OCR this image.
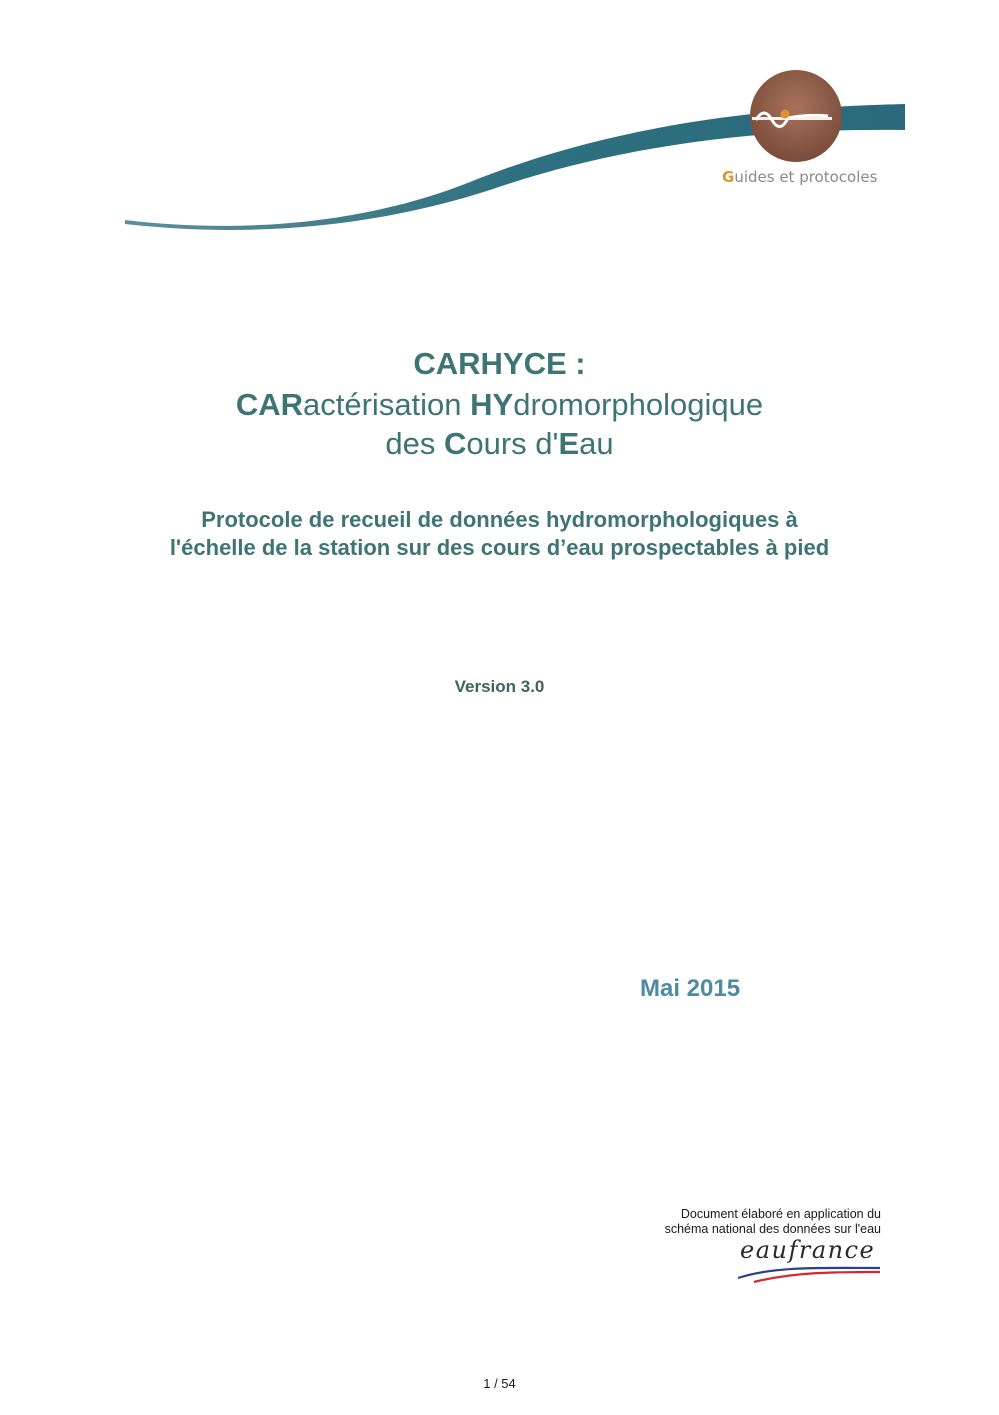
Guides et protocoles
CARHYCE :
CARactérisation HYdromorphologique
des Cours d'Eau
Protocole de recueil de données hydromorphologiques à
l'échelle de la station sur des cours d’eau prospectables à pied
Version 3.0
Mai 2015
Document élaboré en application du
schéma national des données sur l'eau
eaufrance
1 / 54
